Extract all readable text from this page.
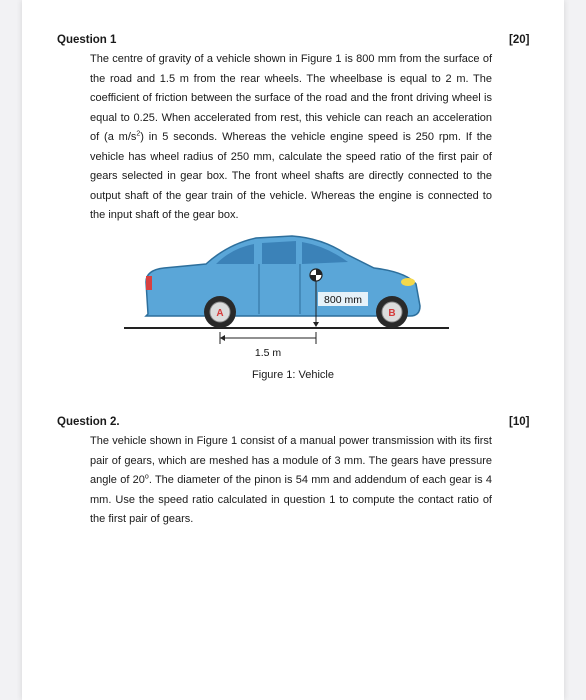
Question 1	[20]
The centre of gravity of a vehicle shown in Figure 1 is 800 mm from the surface of the road and 1.5 m from the rear wheels. The wheelbase is equal to 2 m. The coefficient of friction between the surface of the road and the front driving wheel is equal to 0.25. When accelerated from rest, this vehicle can reach an acceleration of (a $m/s^2$) in 5 seconds. Whereas the vehicle engine speed is 250 rpm. If the vehicle has wheel radius of 250 mm, calculate the speed ratio of the first pair of gears selected in gear box. The front wheel shafts are directly connected to the output shaft of the gear train of the vehicle. Whereas the engine is connected to the input shaft of the gear box.
A	B
800 mm
1.5 m
Figure 1: Vehicle
Question 2.	[10]
The vehicle shown in Figure 1 consist of a manual power transmission with its first pair of gears, which are meshed has a module of 3 mm. The gears have pressure angle of 20$^o$. The diameter of the pinon is 54 mm and addendum of each gear is 4 mm. Use the speed ratio calculated in question 1 to compute the contact ratio of the first pair of gears.
